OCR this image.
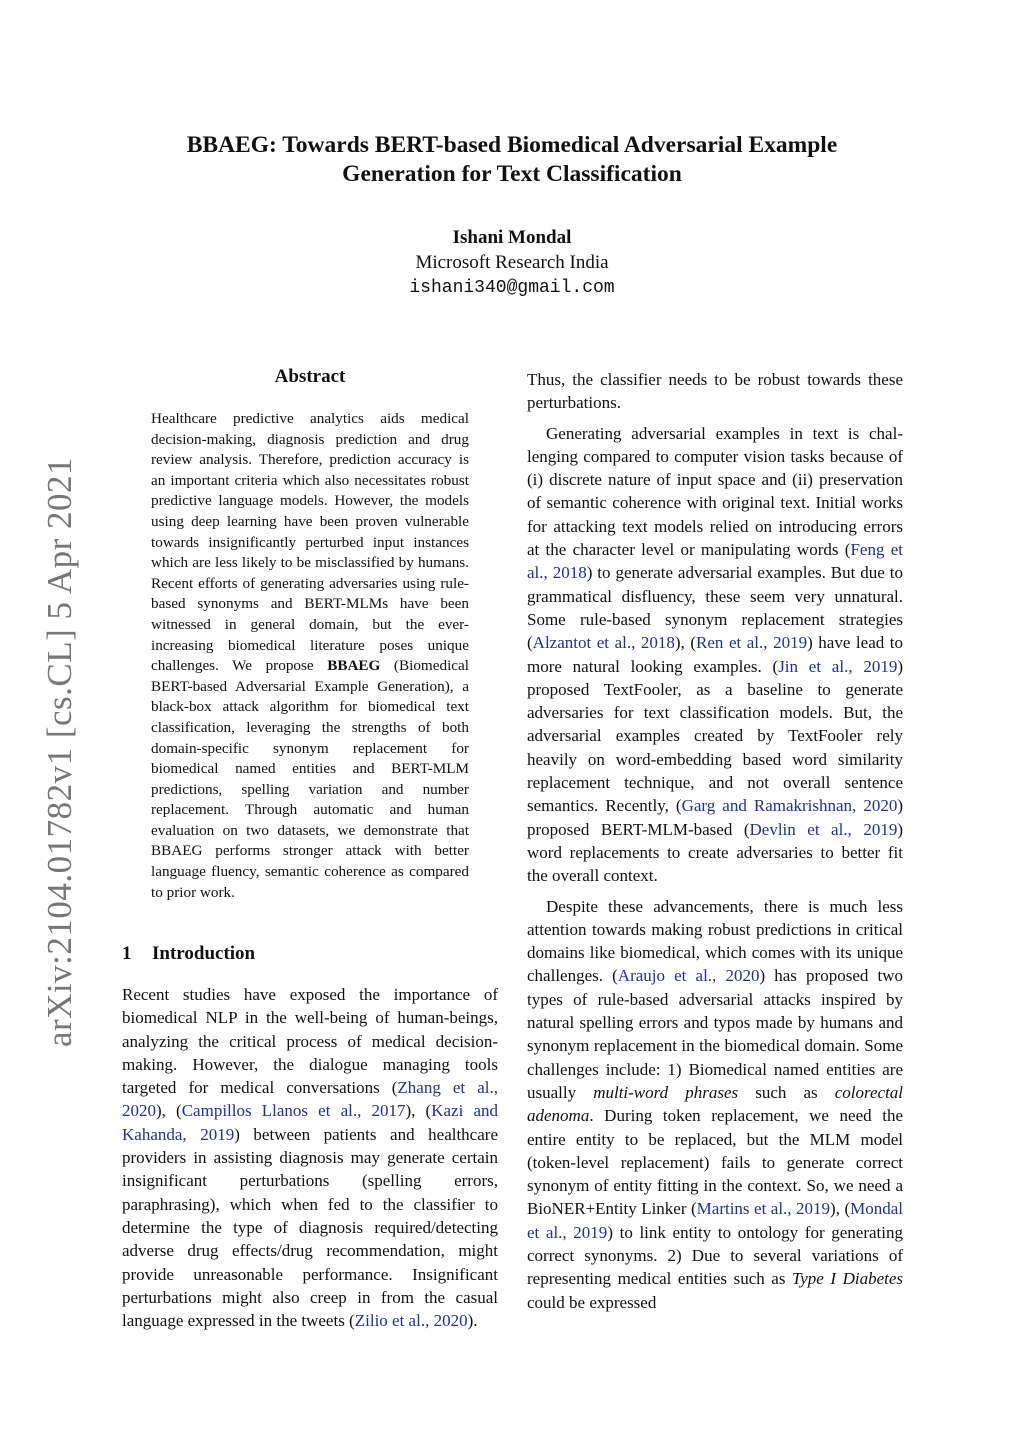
arXiv:2104.01782v1 [cs.CL] 5 Apr 2021
BBAEG: Towards BERT-based Biomedical Adversarial Example
Generation for Text Classification
Ishani Mondal
Microsoft Research India
ishani340@gmail.com
Abstract
Healthcare predictive analytics aids medical decision-making, diagnosis prediction and drug review analysis. Therefore, prediction accuracy is an important criteria which also necessitates robust predictive language models. However, the models using deep learning have been proven vulnerable towards insignificantly perturbed input instances which are less likely to be misclassified by humans. Recent efforts of generating adversaries using rule-based synonyms and BERT-MLMs have been witnessed in general domain, but the ever-increasing biomedical literature poses unique challenges. We propose BBAEG (Biomedical BERT-based Adversarial Example Generation), a black-box attack algorithm for biomedical text classification, leveraging the strengths of both domain-specific synonym replacement for biomedical named entities and BERT-MLM predictions, spelling variation and number replacement. Through automatic and human evaluation on two datasets, we demonstrate that BBAEG performs stronger attack with better language fluency, semantic coherence as compared to prior work.
1 Introduction
Recent studies have exposed the importance of biomedical NLP in the well-being of human-beings, analyzing the critical process of medical decision-making. However, the dialogue managing tools targeted for medical conversations (Zhang et al., 2020), (Campillos Llanos et al., 2017), (Kazi and Kahanda, 2019) between patients and healthcare providers in assisting diagnosis may generate certain insignificant perturbations (spelling errors, paraphrasing), which when fed to the classifier to determine the type of diagnosis required/detecting adverse drug effects/drug recommendation, might provide unreasonable performance. Insignificant perturbations might also creep in from the casual language expressed in the tweets (Zilio et al., 2020).

Thus, the classifier needs to be robust towards these perturbations.

Generating adversarial examples in text is challenging compared to computer vision tasks because of (i) discrete nature of input space and (ii) preservation of semantic coherence with original text. Initial works for attacking text models relied on introducing errors at the character level or manipulating words (Feng et al., 2018) to generate adversarial examples. But due to grammatical disfluency, these seem very unnatural. Some rule-based synonym replacement strategies (Alzantot et al., 2018), (Ren et al., 2019) have lead to more natural looking examples. (Jin et al., 2019) proposed TextFooler, as a baseline to generate adversaries for text classification models. But, the adversarial examples created by TextFooler rely heavily on word-embedding based word similarity replacement technique, and not overall sentence semantics. Recently, (Garg and Ramakrishnan, 2020) proposed BERT-MLM-based (Devlin et al., 2019) word replacements to create adversaries to better fit the overall context.

Despite these advancements, there is much less attention towards making robust predictions in critical domains like biomedical, which comes with its unique challenges. (Araujo et al., 2020) has proposed two types of rule-based adversarial attacks inspired by natural spelling errors and typos made by humans and synonym replacement in the biomedical domain. Some challenges include: 1) Biomedical named entities are usually multi-word phrases such as colorectal adenoma. During token replacement, we need the entire entity to be replaced, but the MLM model (token-level replacement) fails to generate correct synonym of entity fitting in the context. So, we need a BioNER+Entity Linker (Martins et al., 2019), (Mondal et al., 2019) to link entity to ontology for generating correct synonyms. 2) Due to several variations of representing medical entities such as Type I Diabetes could be expressed
